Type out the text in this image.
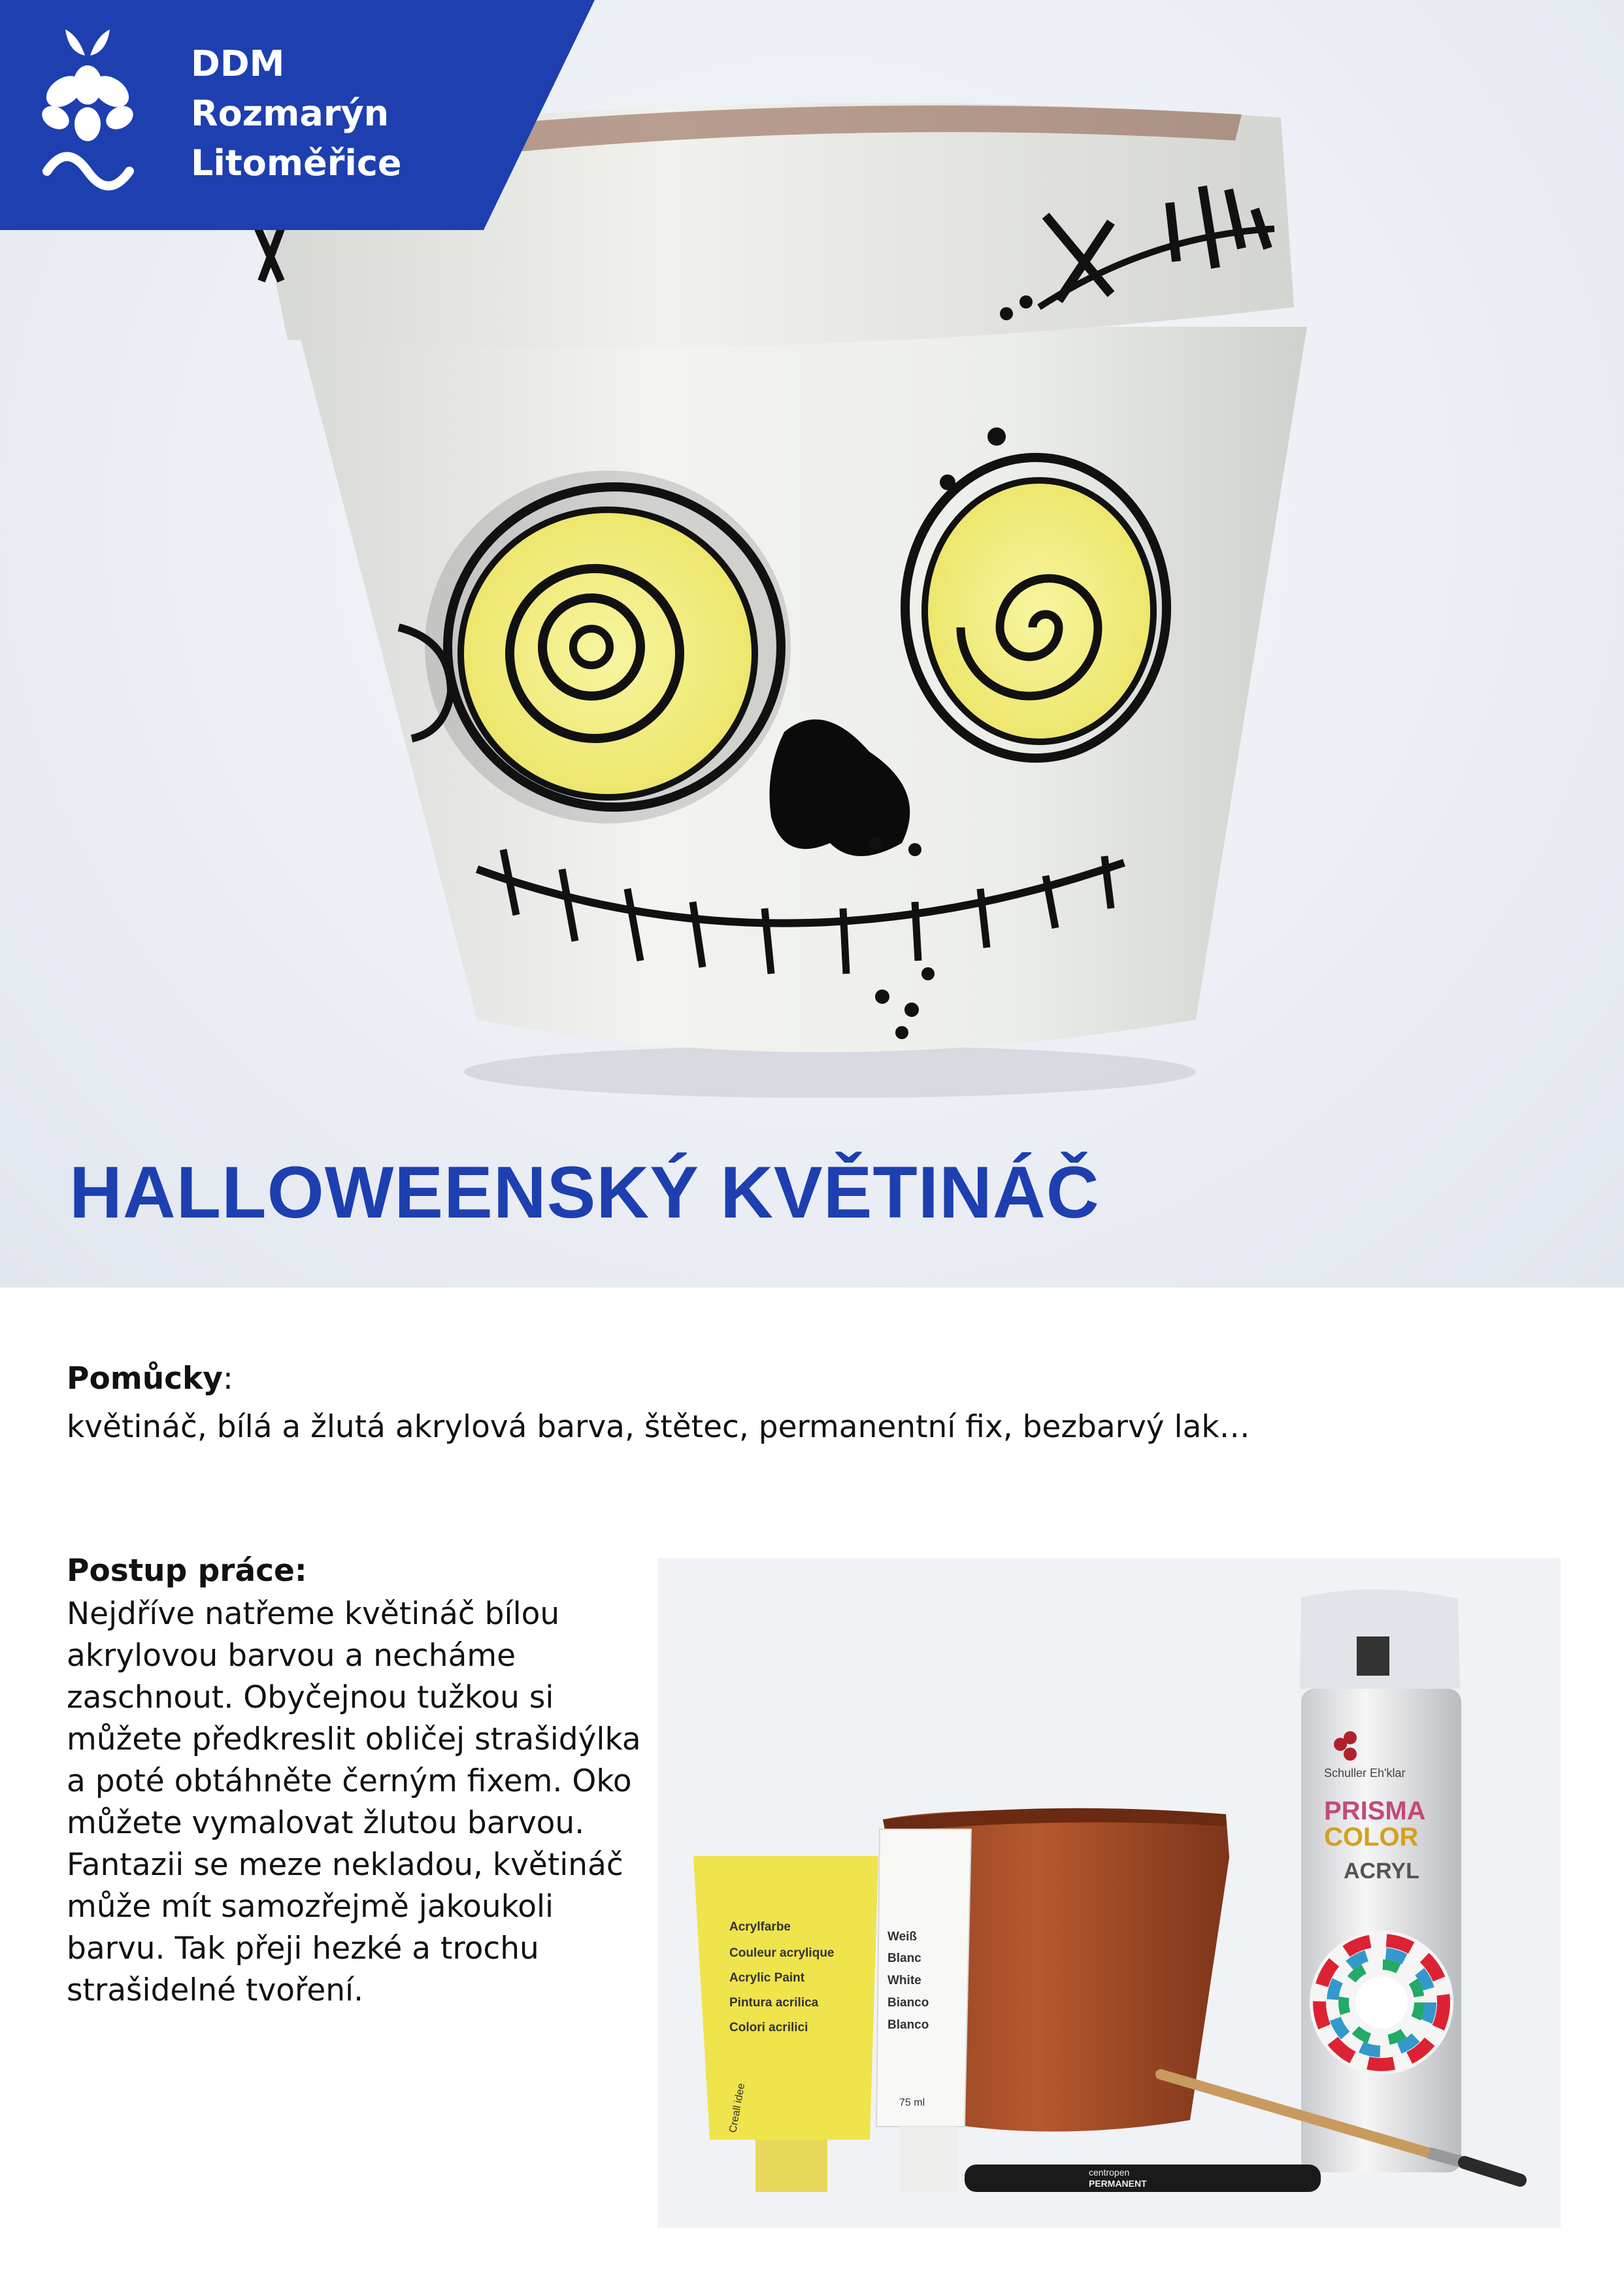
DDM
Rozmarýn
Litoměřice
HALLOWEENSKÝ KVĚTINÁČ
Pomůcky:
květináč, bílá a žlutá akrylová barva, štětec, permanentní fix, bezbarvý lak…
Postup práce:
Nejdříve natřeme květináč bílou akrylovou barvou a necháme zaschnout. Obyčejnou tužkou si můžete předkreslit obličej strašidýlka a poté obtáhněte černým fixem. Oko můžete vymalovat žlutou barvou. Fantazii se meze nekladou, květináč může mít samozřejmě jakoukoli barvu. Tak přeji hezké a trochu strašidelné tvoření.
Acrylfarbe
Couleur acrylique
Acrylic Paint
Pintura acrilica
Colori acrilici
Creall idee
Weiß
Blanc
White
Bianco
Blanco
75 ml
Schuller Eh'klar
PRISMA
COLOR
ACRYL
centropen
PERMANENT
